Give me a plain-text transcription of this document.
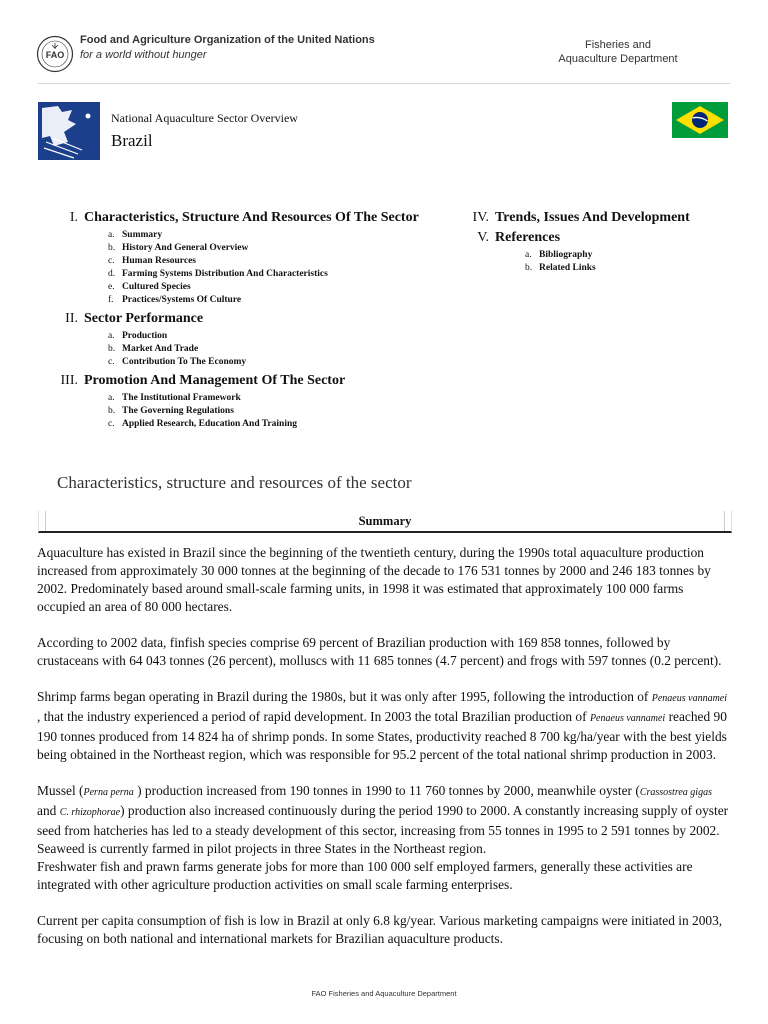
FAO
Food and Agriculture Organization of the United Nations
for a world without hunger
Fisheries and
Aquaculture Department
National Aquaculture Sector Overview
Brazil
I. Characteristics, Structure And Resources Of The Sector
a. Summary
b. History And General Overview
c. Human Resources
d. Farming Systems Distribution And Characteristics
e. Cultured Species
f. Practices/Systems Of Culture
II. Sector Performance
a. Production
b. Market And Trade
c. Contribution To The Economy
III. Promotion And Management Of The Sector
a. The Institutional Framework
b. The Governing Regulations
c. Applied Research, Education And Training
IV. Trends, Issues And Development
V. References
a. Bibliography
b. Related Links
Characteristics, structure and resources of the sector
Summary

Aquaculture has existed in Brazil since the beginning of the twentieth century, during the 1990s total aquaculture production increased from approximately 30 000 tonnes at the beginning of the decade to 176 531 tonnes by 2000 and 246 183 tonnes by 2002. Predominately based around small-scale farming units, in 1998 it was estimated that approximately 100 000 farms occupied an area of 80 000 hectares.

According to 2002 data, finfish species comprise 69 percent of Brazilian production with 169 858 tonnes, followed by crustaceans with 64 043 tonnes (26 percent), molluscs with 11 685 tonnes (4.7 percent) and frogs with 597 tonnes (0.2 percent).

Shrimp farms began operating in Brazil during the 1980s, but it was only after 1995, following the introduction of Penaeus vannamei , that the industry experienced a period of rapid development. In 2003 the total Brazilian production of Penaeus vannamei reached 90 190 tonnes produced from 14 824 ha of shrimp ponds. In some States, productivity reached 8 700 kg/ha/year with the best yields being obtained in the Northeast region, which was responsible for 95.2 percent of the total national shrimp production in 2003.

Mussel (Perna perna ) production increased from 190 tonnes in 1990 to 11 760 tonnes by 2000, meanwhile oyster (Crassostrea gigas and C. rhizophorae) production also increased continuously during the period 1990 to 2000. A constantly increasing supply of oyster seed from hatcheries has led to a steady development of this sector, increasing from 55 tonnes in 1995 to 2 591 tonnes by 2002. Seaweed is currently farmed in pilot projects in three States in the Northeast region.

Freshwater fish and prawn farms generate jobs for more than 100 000 self employed farmers, generally these activities are integrated with other agriculture production activities on small scale farming enterprises.

Current per capita consumption of fish is low in Brazil at only 6.8 kg/year. Various marketing campaigns were initiated in 2003, focusing on both national and international markets for Brazilian aquaculture products.

FAO Fisheries and Aquaculture Department
